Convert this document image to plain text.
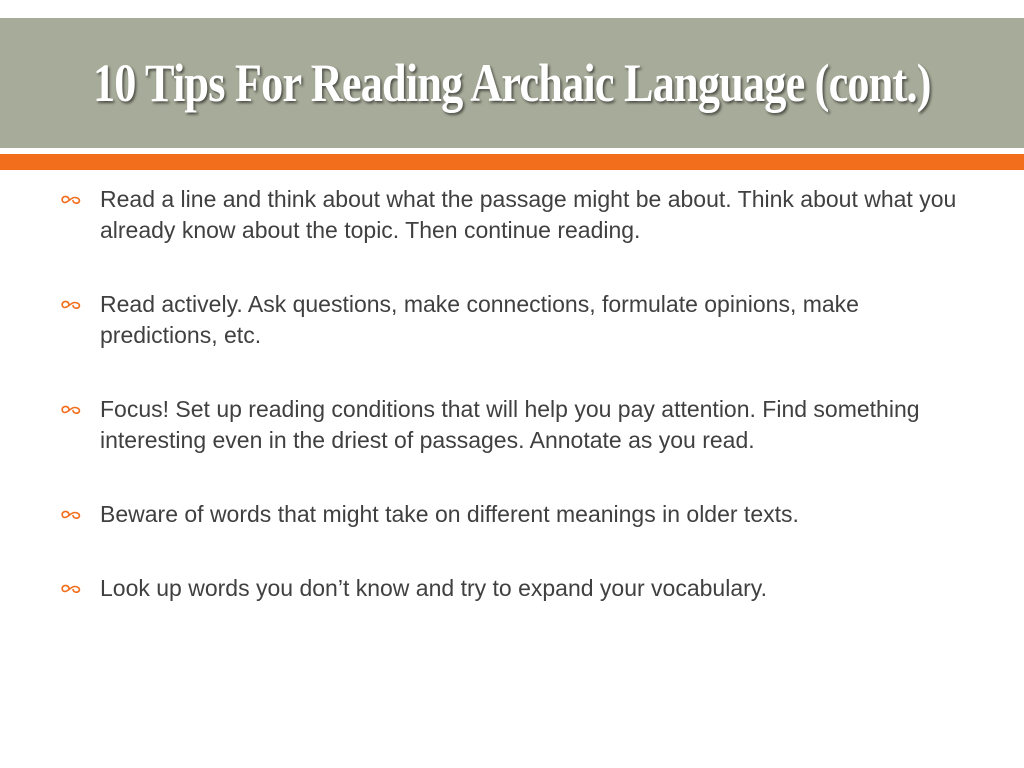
10 Tips For Reading Archaic Language (cont.)
Read a line and think about what the passage might be about. Think about what you already know about the topic. Then continue reading.
Read actively. Ask questions, make connections, formulate opinions, make predictions, etc.
Focus! Set up reading conditions that will help you pay attention. Find something interesting even in the driest of passages. Annotate as you read.
Beware of words that might take on different meanings in older texts.
Look up words you don’t know and try to expand your vocabulary.
